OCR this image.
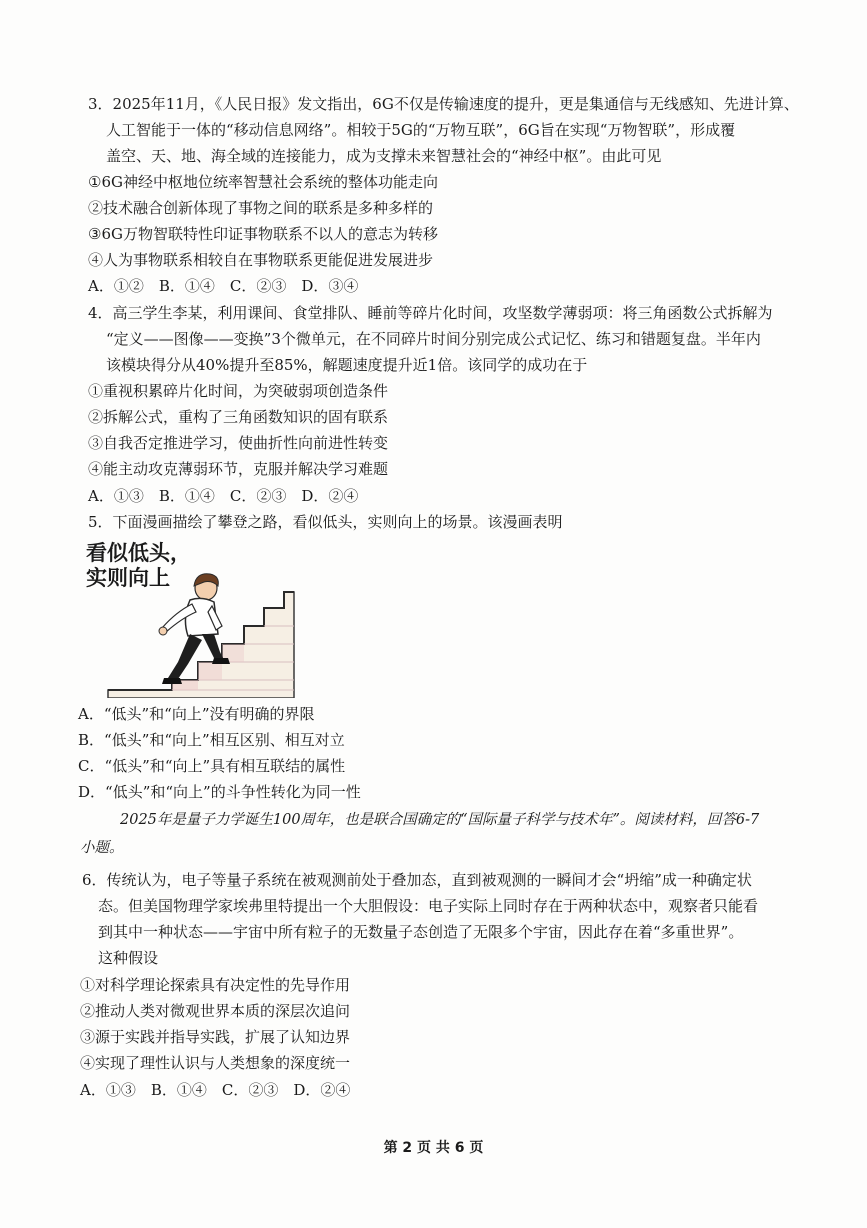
3．2025年11月，《人民日报》发文指出，6G不仅是传输速度的提升，更是集通信与无线感知、先进计算、
人工智能于一体的“移动信息网络”。相较于5G的“万物互联”，6G旨在实现“万物智联”，形成覆
盖空、天、地、海全域的连接能力，成为支撑未来智慧社会的“神经中枢”。由此可见
①6G神经中枢地位统率智慧社会系统的整体功能走向
②技术融合创新体现了事物之间的联系是多种多样的
③6G万物智联特性印证事物联系不以人的意志为转移
④人为事物联系相较自在事物联系更能促进发展进步
A．①②　B．①④　C．②③　D．③④
4．高三学生李某，利用课间、食堂排队、睡前等碎片化时间，攻坚数学薄弱项：将三角函数公式拆解为
“定义——图像——变换”3个微单元，在不同碎片时间分别完成公式记忆、练习和错题复盘。半年内
该模块得分从40%提升至85%，解题速度提升近1倍。该同学的成功在于
①重视积累碎片化时间，为突破弱项创造条件
②拆解公式，重构了三角函数知识的固有联系
③自我否定推进学习，使曲折性向前进性转变
④能主动攻克薄弱环节，克服并解决学习难题
A．①③　B．①④　C．②③　D．②④
5．下面漫画描绘了攀登之路，看似低头，实则向上的场景。该漫画表明
看似低头，
实则向上
A．“低头”和“向上”没有明确的界限
B．“低头”和“向上”相互区别、相互对立
C．“低头”和“向上”具有相互联结的属性
D．“低头”和“向上”的斗争性转化为同一性
2025年是量子力学诞生100周年，也是联合国确定的“国际量子科学与技术年”。阅读材料，回答6-7
小题。
6．传统认为，电子等量子系统在被观测前处于叠加态，直到被观测的一瞬间才会“坍缩”成一种确定状
态。但美国物理学家埃弗里特提出一个大胆假设：电子实际上同时存在于两种状态中，观察者只能看
到其中一种状态——宇宙中所有粒子的无数量子态创造了无限多个宇宙，因此存在着“多重世界”。
这种假设
①对科学理论探索具有决定性的先导作用
②推动人类对微观世界本质的深层次追问
③源于实践并指导实践，扩展了认知边界
④实现了理性认识与人类想象的深度统一
A．①③　B．①④　C．②③　D．②④
第 2 页 共 6 页
